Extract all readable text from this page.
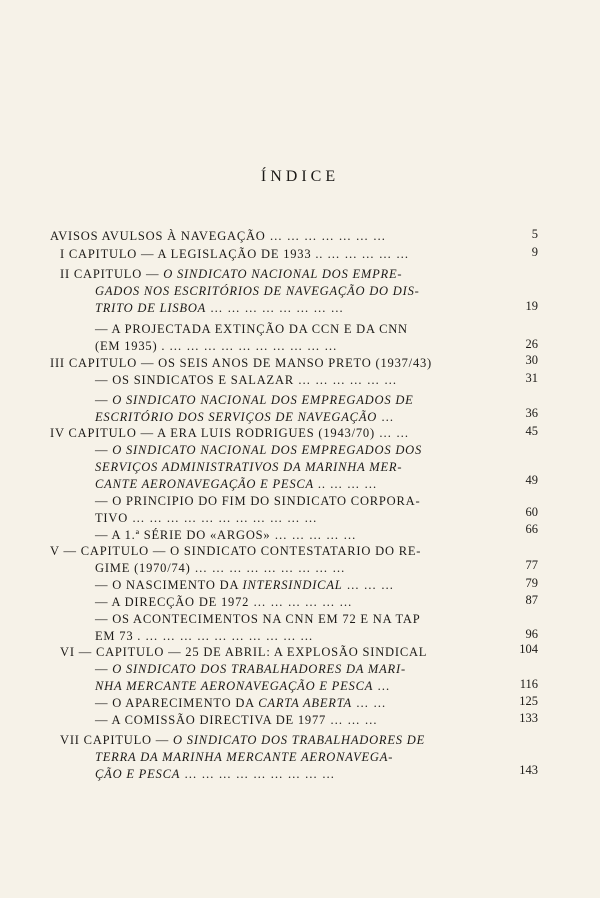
ÍNDICE
AVISOS AVULSOS À NAVEGAÇÃO … … … … … … …
I CAPITULO — A LEGISLAÇÃO DE 1933 .. … … … … …
II CAPITULO — O SINDICATO NACIONAL DOS EMPRE-
GADOS NOS ESCRITÓRIOS DE NAVEGAÇÃO DO DIS-
TRITO DE LISBOA … … … … … … … …
— A PROJECTADA EXTINÇÃO DA CCN E DA CNN
(EM 1935) . … … … … … … … … … …
III CAPITULO — OS SEIS ANOS DE MANSO PRETO (1937/43)
— OS SINDICATOS E SALAZAR … … … … … …
— O SINDICATO NACIONAL DOS EMPREGADOS DE
ESCRITÓRIO DOS SERVIÇOS DE NAVEGAÇÃO …
IV CAPITULO — A ERA LUIS RODRIGUES (1943/70) … …
— O SINDICATO NACIONAL DOS EMPREGADOS DOS
SERVIÇOS ADMINISTRATIVOS DA MARINHA MER-
CANTE AERONAVEGAÇÃO E PESCA .. … … …
— O PRINCIPIO DO FIM DO SINDICATO CORPORA-
TIVO … … … … … … … … … … …
— A 1.ª SÉRIE DO «ARGOS» … … … … …
V — CAPITULO — O SINDICATO CONTESTATARIO DO RE-
GIME (1970/74) … … … … … … … … …
— O NASCIMENTO DA INTERSINDICAL … … …
— A DIRECÇÃO DE 1972 … … … … … …
— OS ACONTECIMENTOS NA CNN EM 72 E NA TAP
EM 73 . … … … … … … … … … …
VI — CAPITULO — 25 DE ABRIL: A EXPLOSÃO SINDICAL
— O SINDICATO DOS TRABALHADORES DA MARI-
NHA MERCANTE AERONAVEGAÇÃO E PESCA …
— O APARECIMENTO DA CARTA ABERTA … …
— A COMISSÃO DIRECTIVA DE 1977 … … …
VII CAPITULO — O SINDICATO DOS TRABALHADORES DE
TERRA DA MARINHA MERCANTE AERONAVEGA-
ÇÃO E PESCA … … … … … … … … …
5
9
19
26
30
31
36
45
49
60
66
77
79
87
96
104
116
125
133
143
